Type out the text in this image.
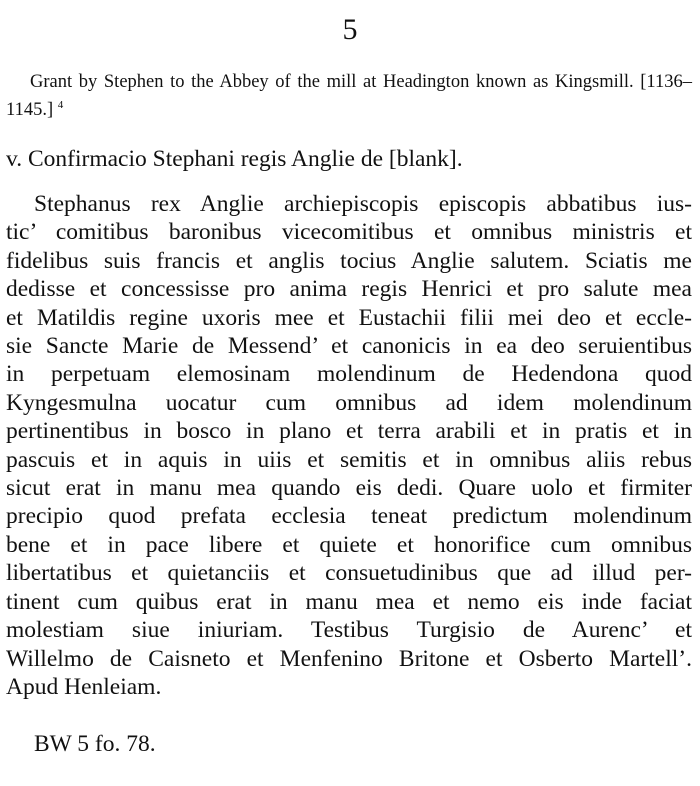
5
Grant by Stephen to the Abbey of the mill at Headington known as Kingsmill. [1136–1145.] $^4$
v. Confirmacio Stephani regis Anglie de [blank].
Stephanus rex Anglie archiepiscopis episcopis abbatibus ius-
tic’ comitibus baronibus vicecomitibus et omnibus ministris et
fidelibus suis francis et anglis tocius Anglie salutem. Sciatis me
dedisse et concessisse pro anima regis Henrici et pro salute mea
et Matildis regine uxoris mee et Eustachii filii mei deo et eccle-
sie Sancte Marie de Messend’ et canonicis in ea deo seruientibus
in perpetuam elemosinam molendinum de Hedendona quod
Kyngesmulna uocatur cum omnibus ad idem molendinum
pertinentibus in bosco in plano et terra arabili et in pratis et in
pascuis et in aquis in uiis et semitis et in omnibus aliis rebus
sicut erat in manu mea quando eis dedi. Quare uolo et firmiter
precipio quod prefata ecclesia teneat predictum molendinum
bene et in pace libere et quiete et honorifice cum omnibus
libertatibus et quietanciis et consuetudinibus que ad illud per-
tinent cum quibus erat in manu mea et nemo eis inde faciat
molestiam siue iniuriam. Testibus Turgisio de Aurenc’ et
Willelmo de Caisneto et Menfenino Britone et Osberto Martell’.
Apud Henleiam.
BW 5 fo. 78.
